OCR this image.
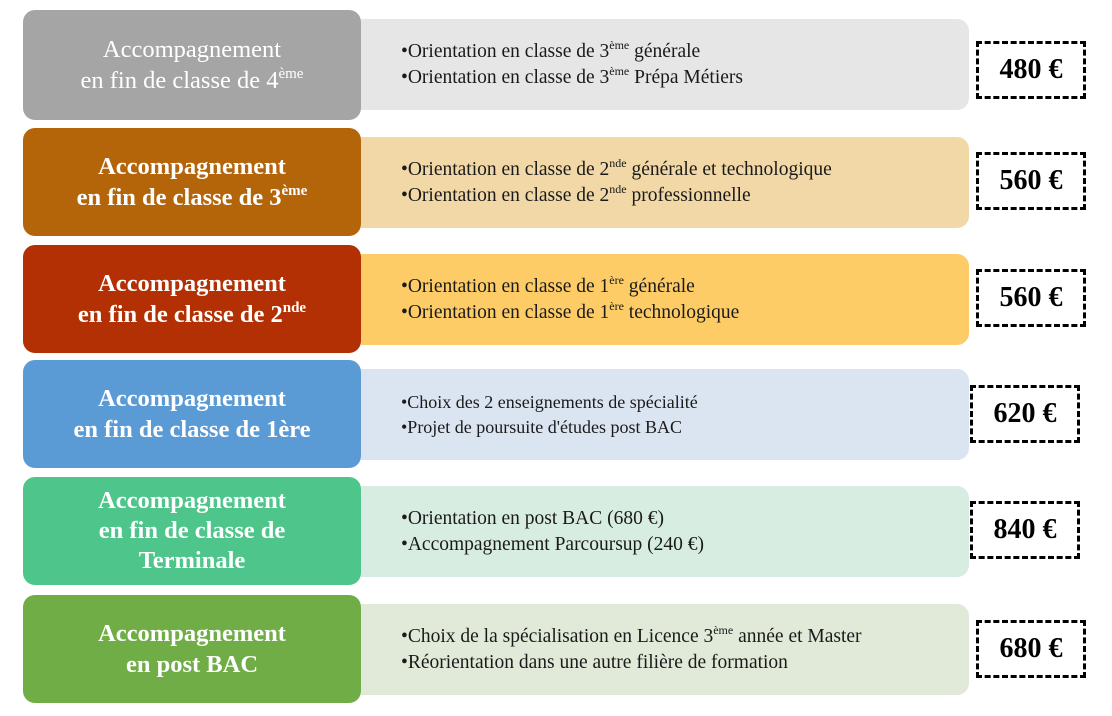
Accompagnement
en fin de classe de 4ème
•Orientation en classe de 3ème générale
•Orientation en classe de 3ème Prépa Métiers	480 €
Accompagnement
en fin de classe de 3ème
•Orientation en classe de 2nde générale et technologique
•Orientation en classe de 2nde professionnelle	560 €
Accompagnement
en fin de classe de 2nde
•Orientation en classe de 1ère générale
•Orientation en classe de 1ère technologique	560 €
Accompagnement
en fin de classe de 1ère
•Choix des 2 enseignements de spécialité
•Projet de poursuite d'études post BAC	620 €
Accompagnement
en fin de classe de
Terminale
•Orientation en post BAC (680 €)
•Accompagnement Parcoursup (240 €)	840 €
Accompagnement
en post BAC
•Choix de la spécialisation en Licence 3ème année et Master
•Réorientation dans une autre filière de formation	680 €
